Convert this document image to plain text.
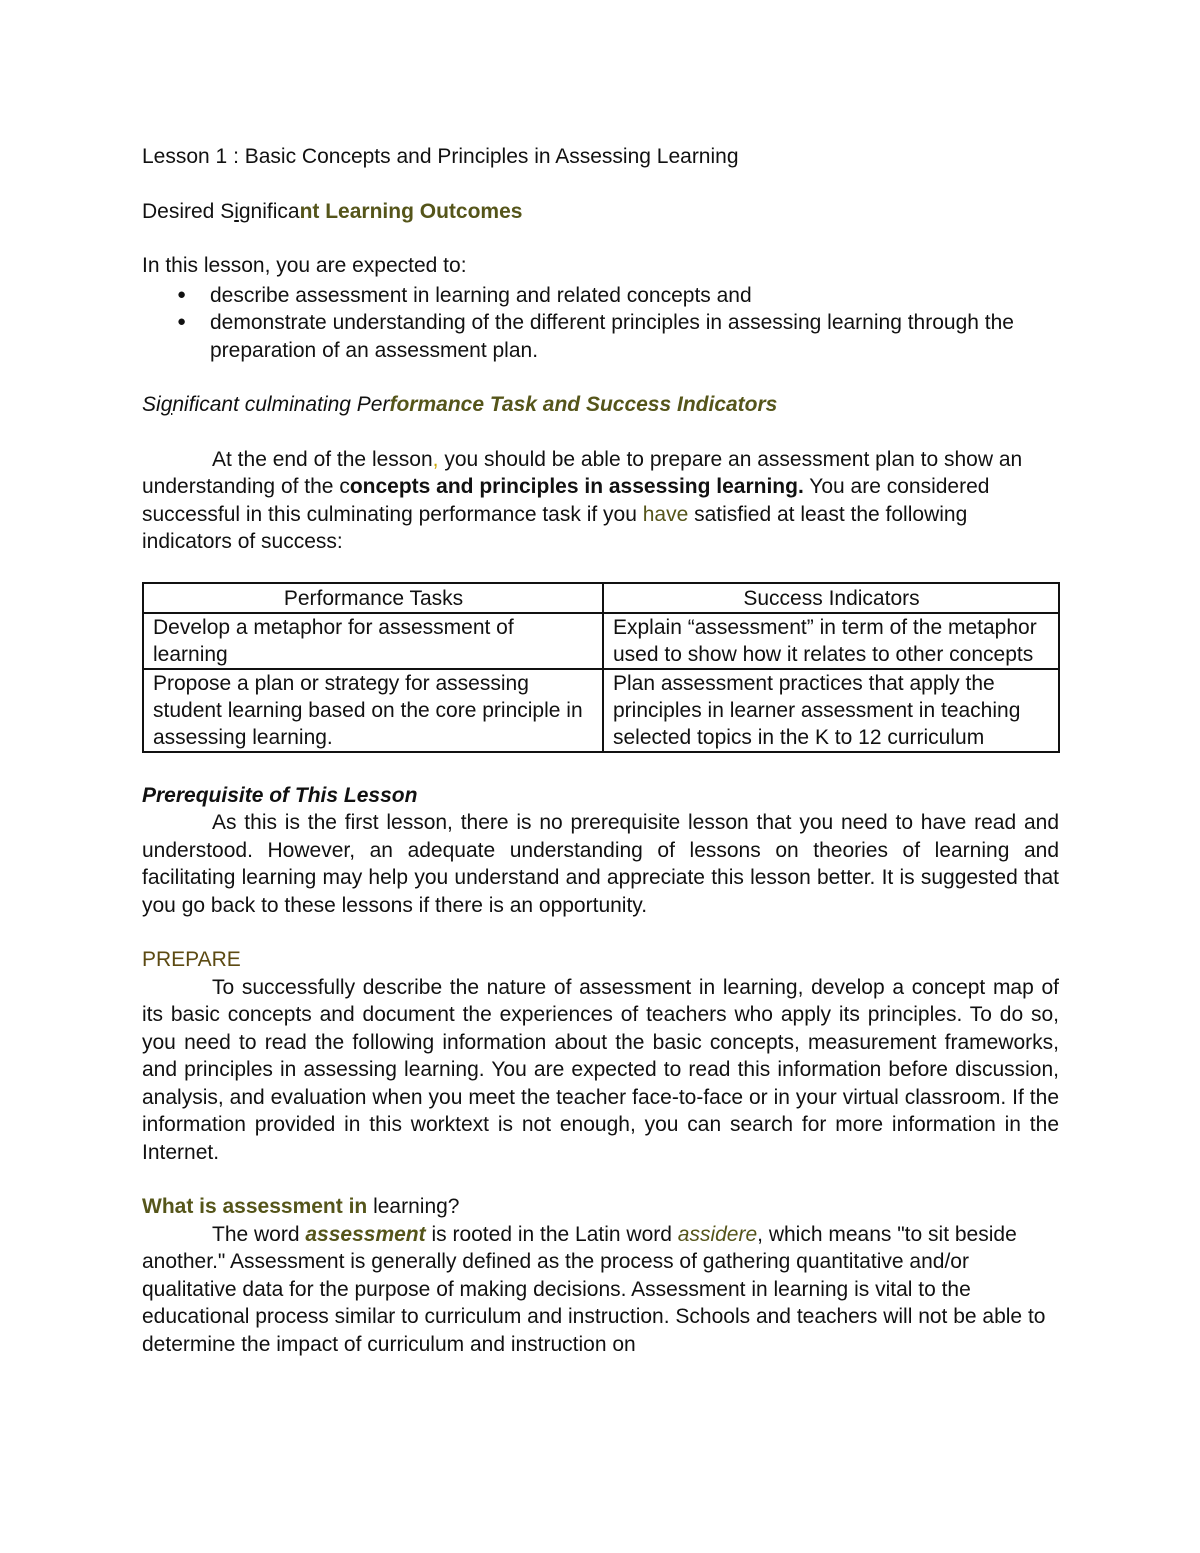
Lesson 1 : Basic Concepts and Principles in Assessing Learning

Desired Significant Learning Outcomes

In this lesson, you are expected to:

● describe assessment in learning and related concepts and
● demonstrate understanding of the different principles in assessing learning through the preparation of an assessment plan.

Significant culminating Performance Task and Success Indicators

At the end of the lesson, you should be able to prepare an assessment plan to show an understanding of the concepts and principles in assessing learning. You are considered successful in this culminating performance task if you have satisfied at least the following indicators of success:

Performance Tasks	Success Indicators
Develop a metaphor for assessment of learning	Explain “assessment” in term of the metaphor used to show how it relates to other concepts
Propose a plan or strategy for assessing student learning based on the core principle in assessing learning.	Plan assessment practices that apply the principles in learner assessment in teaching selected topics in the K to 12 curriculum

Prerequisite of This Lesson

As this is the first lesson, there is no prerequisite lesson that you need to have read and understood. However, an adequate understanding of lessons on theories of learning and facilitating learning may help you understand and appreciate this lesson better. It is suggested that you go back to these lessons if there is an opportunity.

PREPARE

To successfully describe the nature of assessment in learning, develop a concept map of its basic concepts and document the experiences of teachers who apply its principles. To do so, you need to read the following information about the basic concepts, measurement frameworks, and principles in assessing learning. You are expected to read this information before discussion, analysis, and evaluation when you meet the teacher face-to-face or in your virtual classroom. If the information provided in this worktext is not enough, you can search for more information in the Internet.

What is assessment in learning?

The word assessment is rooted in the Latin word assidere, which means "to sit beside another." Assessment is generally defined as the process of gathering quantitative and/or qualitative data for the purpose of making decisions. Assessment in learning is vital to the educational process similar to curriculum and instruction. Schools and teachers will not be able to determine the impact of curriculum and instruction on
